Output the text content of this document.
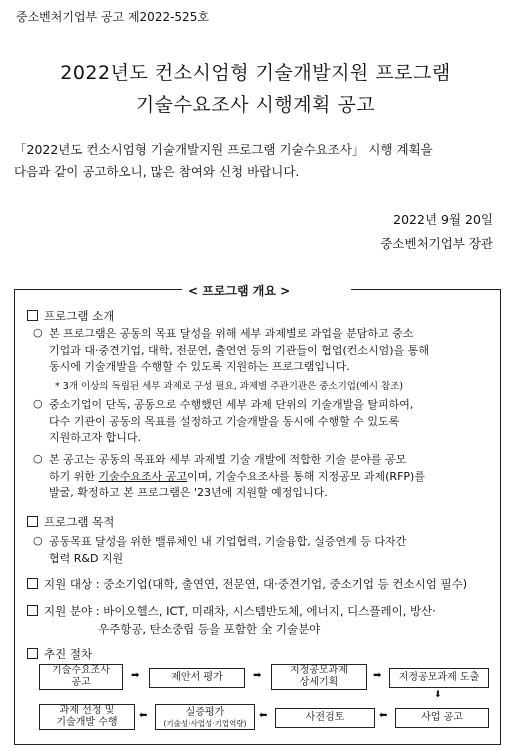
중소벤처기업부 공고 제2022-525호
2022년도 컨소시엄형 기술개발지원 프로그램
기술수요조사 시행계획 공고
「2022년도 컨소시엄형 기술개발지원 프로그램 기술수요조사」 시행 계획을
다음과 같이 공고하오니, 많은 참여와 신청 바랍니다.
2022년 9월 20일
중소벤처기업부 장관
< 프로그램 개요 >
프로그램 소개
○ 본 프로그램은 공동의 목표 달성을 위해 세부 과제별로 과업을 분담하고 중소
기업과 대·중견기업, 대학, 전문연, 출연연 등의 기관들이 협업(컨소시엄)을 통해
동시에 기술개발을 수행할 수 있도록 지원하는 프로그램입니다.
* 3개 이상의 독립된 세부 과제로 구성 필요, 과제별 주관기관은 중소기업(예시 참조)
○ 중소기업이 단독, 공동으로 수행했던 세부 과제 단위의 기술개발을 탈피하여,
다수 기관이 공동의 목표를 설정하고 기술개발을 동시에 수행할 수 있도록
지원하고자 합니다.
○ 본 공고는 공동의 목표와 세부 과제별 기술 개발에 적합한 기술 분야를 공모
하기 위한 기술수요조사 공고이며, 기술수요조사를 통해 지정공모 과제(RFP)를
발굴, 확정하고 본 프로그램은 '23년에 지원할 예정입니다.
프로그램 목적
○ 공동목표 달성을 위한 밸류체인 내 기업협력, 기술융합, 실증연계 등 다자간
협력 R&D 지원
지원 대상 : 중소기업(대학, 출연연, 전문연, 대·중견기업, 중소기업 등 컨소시엄 필수)
지원 분야 : 바이오헬스, ICT, 미래차, 시스템반도체, 에너지, 디스플레이, 방산·
우주항공, 탄소중립 등을 포함한 全 기술분야
추진 절차
기술수요조사
공고
➡	제안서 평가	➡	지정공모과제
상세기획
➡ 지정공모과제 도출
⬇
과제 선정 및
기술개발 수행
⬅	실증평가
(기술성·사업성·기업역량)
⬅	사전검토	⬅	사업 공고
